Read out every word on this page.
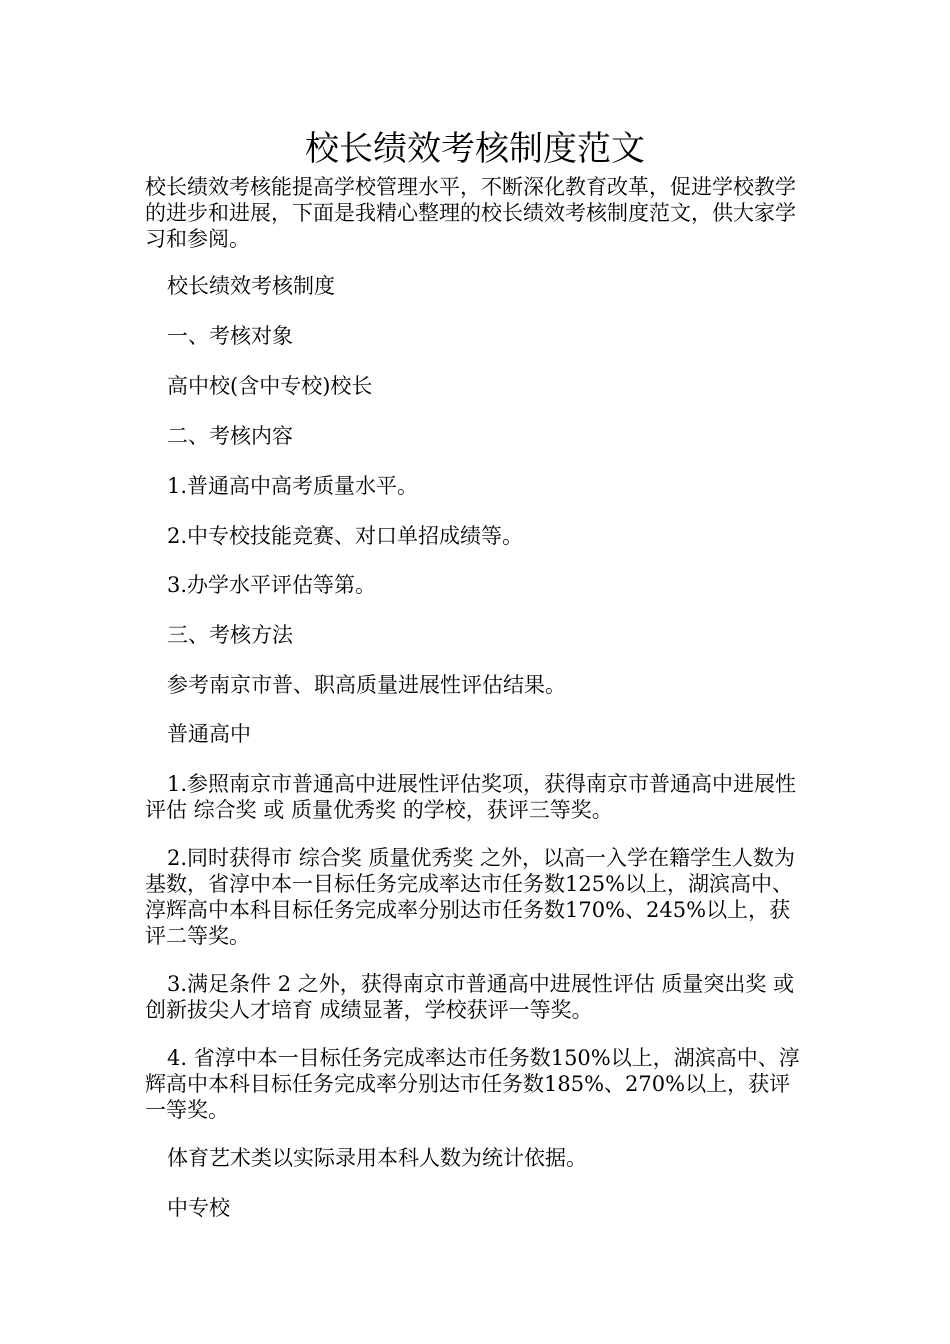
校长绩效考核制度范文

校长绩效考核能提高学校管理水平，不断深化教育改革，促进学校教学的进步和进展，下面是我精心整理的校长绩效考核制度范文，供大家学习和参阅。

校长绩效考核制度

一、考核对象

高中校(含中专校)校长

二、考核内容

1.普通高中高考质量水平。

2.中专校技能竞赛、对口单招成绩等。

3.办学水平评估等第。

三、考核方法

参考南京市普、职高质量进展性评估结果。

普通高中

1.参照南京市普通高中进展性评估奖项，获得南京市普通高中进展性评估 综合奖 或 质量优秀奖 的学校，获评三等奖。

2.同时获得市 综合奖 质量优秀奖 之外，以高一入学在籍学生人数为基数，省淳中本一目标任务完成率达市任务数125%以上，湖滨高中、淳辉高中本科目标任务完成率分别达市任务数170%、245%以上，获评二等奖。

3.满足条件 2 之外，获得南京市普通高中进展性评估 质量突出奖 或 创新拔尖人才培育 成绩显著，学校获评一等奖。

4. 省淳中本一目标任务完成率达市任务数150%以上，湖滨高中、淳辉高中本科目标任务完成率分别达市任务数185%、270%以上，获评一等奖。

体育艺术类以实际录用本科人数为统计依据。

中专校
